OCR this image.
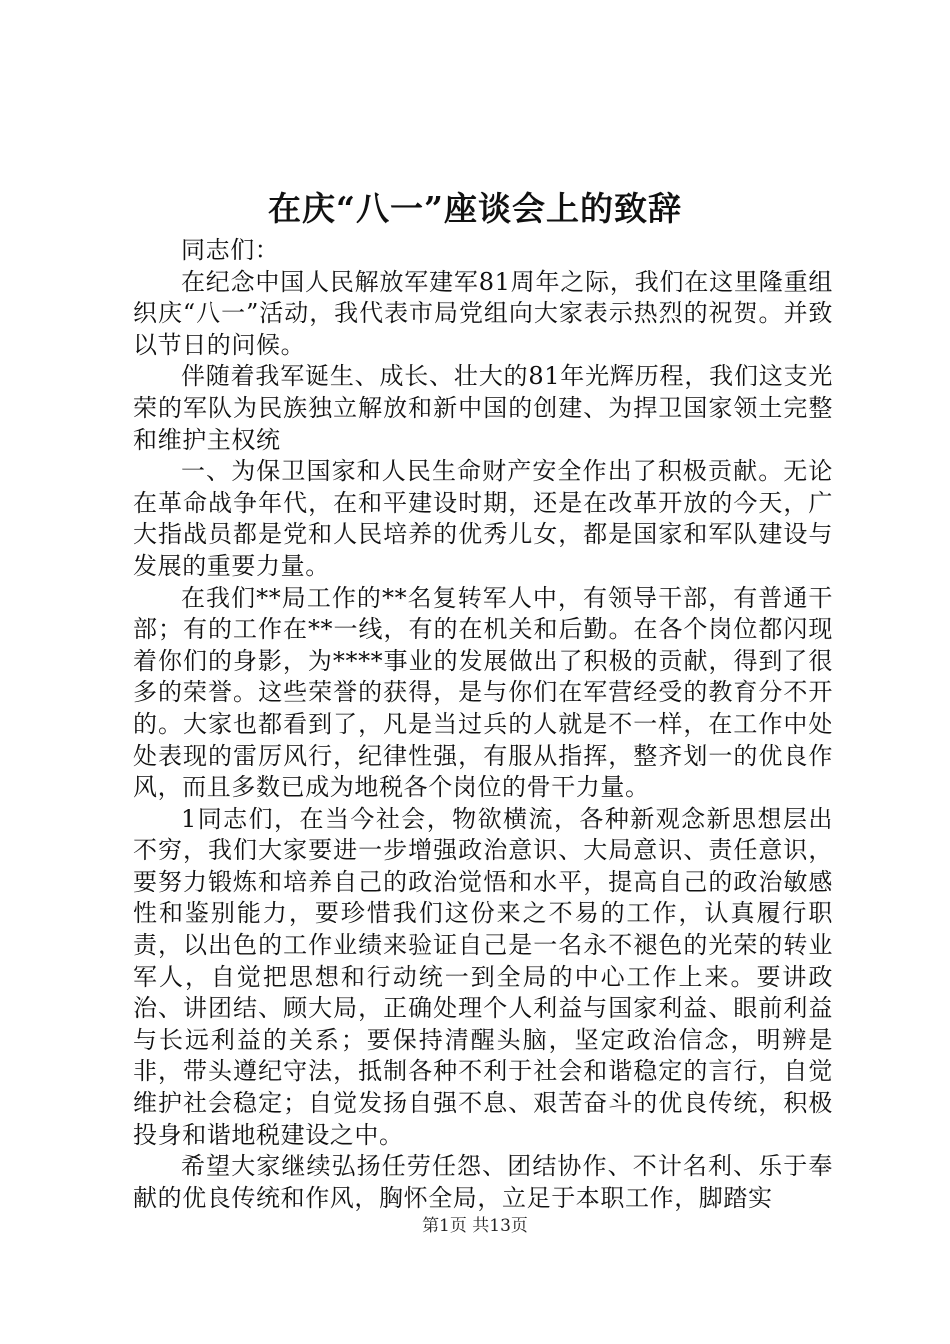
在庆“八一”座谈会上的致辞

同志们：

在纪念中国人民解放军建军81周年之际，我们在这里隆重组织庆“八一”活动，我代表市局党组向大家表示热烈的祝贺。并致以节日的问候。

伴随着我军诞生、成长、壮大的81年光辉历程，我们这支光荣的军队为民族独立解放和新中国的创建、为捍卫国家领土完整和维护主权统

一、为保卫国家和人民生命财产安全作出了积极贡献。无论在革命战争年代，在和平建设时期，还是在改革开放的今天，广大指战员都是党和人民培养的优秀儿女，都是国家和军队建设与发展的重要力量。

在我们**局工作的**名复转军人中，有领导干部，有普通干部；有的工作在**一线，有的在机关和后勤。在各个岗位都闪现着你们的身影，为****事业的发展做出了积极的贡献，得到了很多的荣誉。这些荣誉的获得，是与你们在军营经受的教育分不开的。大家也都看到了，凡是当过兵的人就是不一样，在工作中处处表现的雷厉风行，纪律性强，有服从指挥，整齐划一的优良作风，而且多数已成为地税各个岗位的骨干力量。

1同志们，在当今社会，物欲横流，各种新观念新思想层出不穷，我们大家要进一步增强政治意识、大局意识、责任意识，要努力锻炼和培养自己的政治觉悟和水平，提高自己的政治敏感性和鉴别能力，要珍惜我们这份来之不易的工作，认真履行职责，以出色的工作业绩来验证自己是一名永不褪色的光荣的转业军人，自觉把思想和行动统一到全局的中心工作上来。要讲政治、讲团结、顾大局，正确处理个人利益与国家利益、眼前利益与长远利益的关系；要保持清醒头脑，坚定政治信念，明辨是非，带头遵纪守法，抵制各种不利于社会和谐稳定的言行，自觉维护社会稳定；自觉发扬自强不息、艰苦奋斗的优良传统，积极投身和谐地税建设之中。

希望大家继续弘扬任劳任怨、团结协作、不计名利、乐于奉献的优良传统和作风，胸怀全局，立足于本职工作，脚踏实

第1页 共13页
